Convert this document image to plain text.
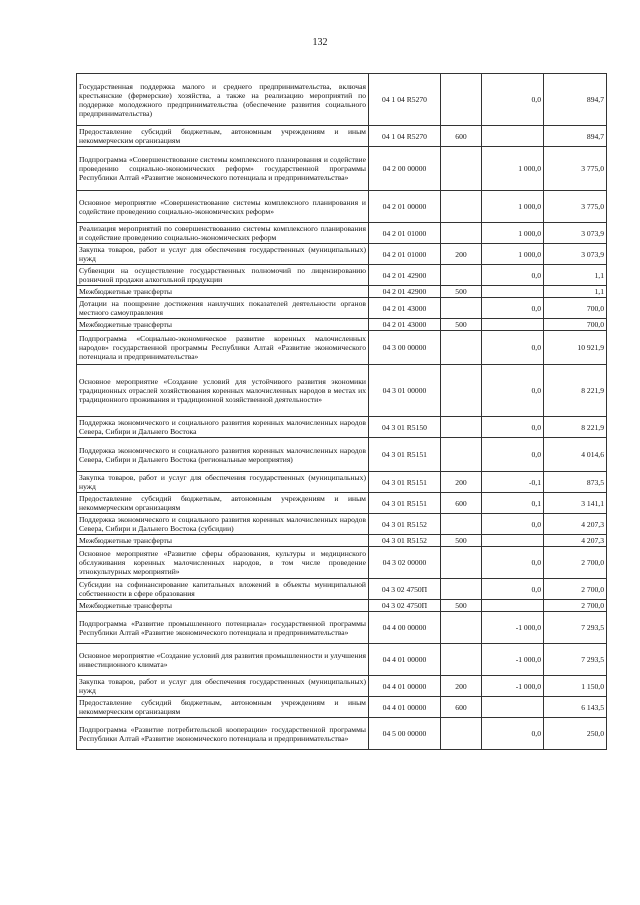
132
Государственная поддержка малого и среднего предпринимательства, включая крестьянские (фермерские) хозяйства, а также на реализацию мероприятий по поддержке молодежного предпринимательства (обеспечение развития социального предпринимательства)	04 1 04 R5270		0,0	894,7
Предоставление субсидий бюджетным, автономным учреждениям и иным некоммерческим организациям	04 1 04 R5270	600		894,7
Подпрограмма «Совершенствование системы комплексного планирования и содействие проведению социально-экономических реформ» государственной программы Республики Алтай «Развитие экономического потенциала и предпринимательства»	04 2 00 00000		1 000,0	3 775,0
Основное мероприятие «Совершенствование системы комплексного планирования и содействие проведению социально-экономических реформ»	04 2 01 00000		1 000,0	3 775,0
Реализация мероприятий по совершенствованию системы комплексного планирования и содействие проведению социально-экономических реформ	04 2 01 01000		1 000,0	3 073,9
Закупка товаров, работ и услуг для обеспечения государственных (муниципальных) нужд	04 2 01 01000	200	1 000,0	3 073,9
Субвенции на осуществление государственных полномочий по лицензированию розничной продажи алкогольной продукции	04 2 01 42900		0,0	1,1
Межбюджетные трансферты	04 2 01 42900	500		1,1
Дотации на поощрение достижения наилучших показателей деятельности органов местного самоуправления	04 2 01 43000		0,0	700,0
Межбюджетные трансферты	04 2 01 43000	500		700,0
Подпрограмма «Социально-экономическое развитие коренных малочисленных народов» государственной программы Республики Алтай «Развитие экономического потенциала и предпринимательства»	04 3 00 00000		0,0	10 921,9
Основное мероприятие «Создание условий для устойчивого развития экономики традиционных отраслей хозяйствования коренных малочисленных народов в местах их традиционного проживания и традиционной хозяйственной деятельности»	04 3 01 00000		0,0	8 221,9
Поддержка экономического и социального развития коренных малочисленных народов Севера, Сибири и Дальнего Востока	04 3 01 R5150		0,0	8 221,9
Поддержка экономического и социального развития коренных малочисленных народов Севера, Сибири и Дальнего Востока (региональные мероприятия)	04 3 01 R5151		0,0	4 014,6
Закупка товаров, работ и услуг для обеспечения государственных (муниципальных) нужд	04 3 01 R5151	200	-0,1	873,5
Предоставление субсидий бюджетным, автономным учреждениям и иным некоммерческим организациям	04 3 01 R5151	600	0,1	3 141,1
Поддержка экономического и социального развития коренных малочисленных народов Севера, Сибири и Дальнего Востока (субсидии)	04 3 01 R5152		0,0	4 207,3
Межбюджетные трансферты	04 3 01 R5152	500		4 207,3
Основное мероприятие «Развитие сферы образования, культуры и медицинского обслуживания коренных малочисленных народов, в том числе проведение этнокультурных мероприятий»	04 3 02 00000		0,0	2 700,0
Субсидии на софинансирование капитальных вложений в объекты муниципальной собственности в сфере образования	04 3 02 4750П		0,0	2 700,0
Межбюджетные трансферты	04 3 02 4750П	500		2 700,0
Подпрограмма «Развитие промышленного потенциала» государственной программы Республики Алтай «Развитие экономического потенциала и предпринимательства»	04 4 00 00000		-1 000,0	7 293,5
Основное мероприятие «Создание условий для развития промышленности и улучшения инвестиционного климата»	04 4 01 00000		-1 000,0	7 293,5
Закупка товаров, работ и услуг для обеспечения государственных (муниципальных) нужд	04 4 01 00000	200	-1 000,0	1 150,0
Предоставление субсидий бюджетным, автономным учреждениям и иным некоммерческим организациям	04 4 01 00000	600		6 143,5
Подпрограмма «Развитие потребительской кооперации» государственной программы Республики Алтай «Развитие экономического потенциала и предпринимательства»	04 5 00 00000		0,0	250,0
